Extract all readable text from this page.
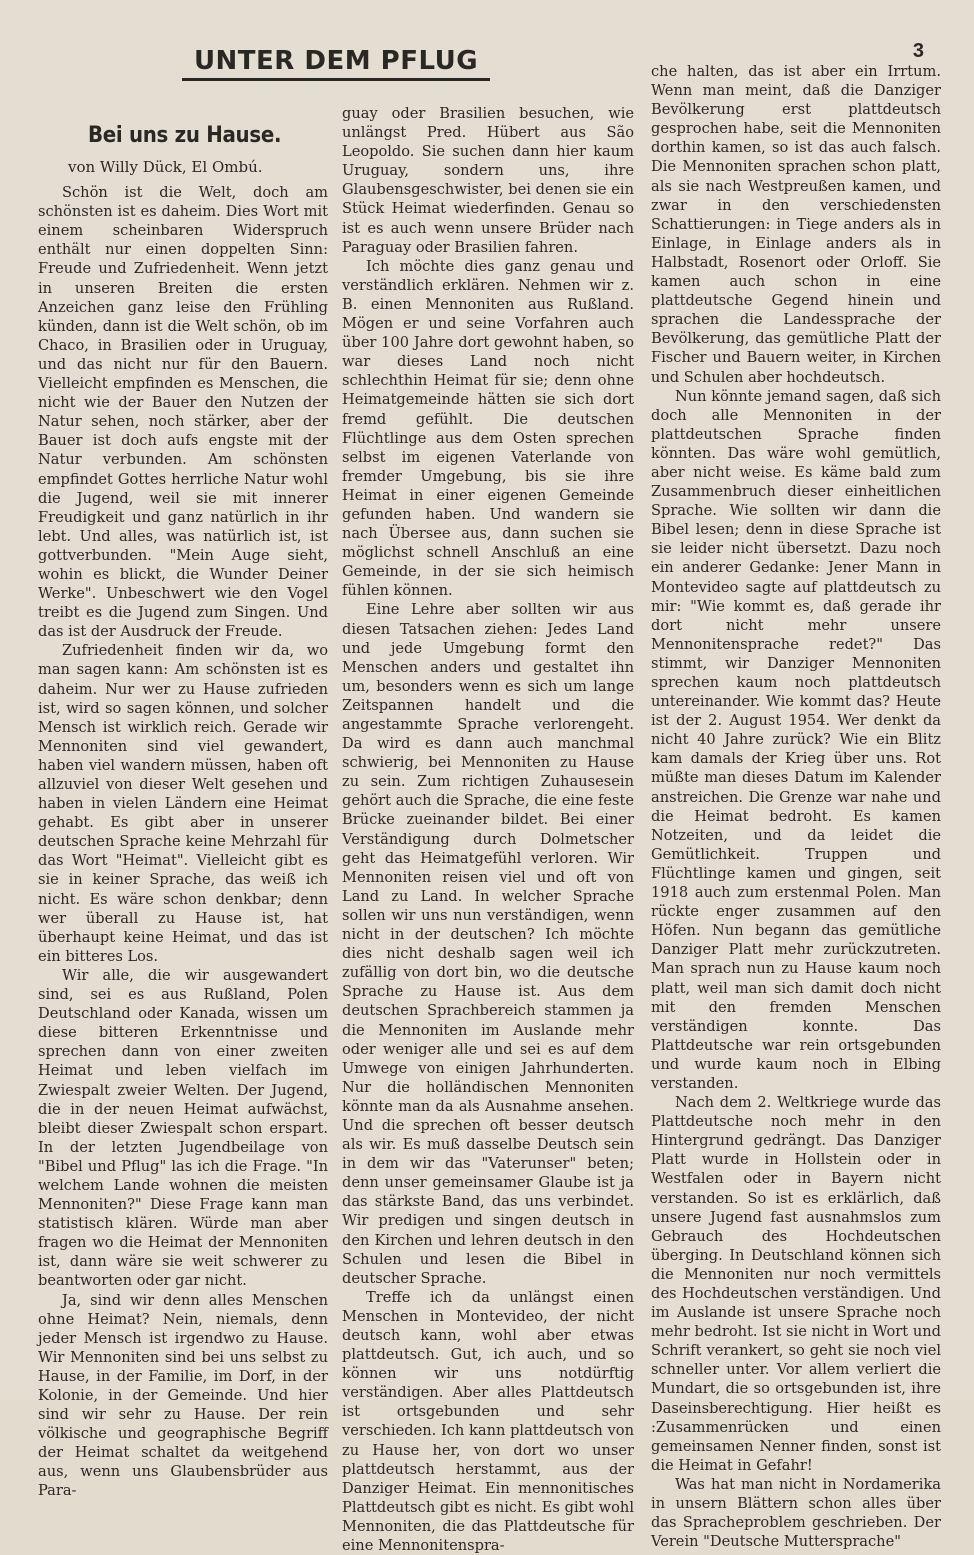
3
UNTER DEM PFLUG
Bei uns zu Hause.
von Willy Dück, El Ombú.

Schön ist die Welt, doch am schönsten ist es daheim. Dies Wort mit einem scheinbaren Widerspruch enthält nur einen doppelten Sinn: Freude und Zufriedenheit. Wenn jetzt in unseren Breiten die ersten Anzeichen ganz leise den Frühling künden, dann ist die Welt schön, ob im Chaco, in Brasilien oder in Uruguay, und das nicht nur für den Bauern. Vielleicht empfinden es Menschen, die nicht wie der Bauer den Nutzen der Natur sehen, noch stärker, aber der Bauer ist doch aufs engste mit der Natur verbunden. Am schönsten empfindet Gottes herrliche Natur wohl die Jugend, weil sie mit innerer Freudigkeit und ganz natürlich in ihr lebt. Und alles, was natürlich ist, ist gottverbunden. "Mein Auge sieht, wohin es blickt, die Wunder Deiner Werke". Unbeschwert wie den Vogel treibt es die Jugend zum Singen. Und das ist der Ausdruck der Freude.

Zufriedenheit finden wir da, wo man sagen kann: Am schönsten ist es daheim. Nur wer zu Hause zufrieden ist, wird so sagen können, und solcher Mensch ist wirklich reich. Gerade wir Mennoniten sind viel gewandert, haben viel wandern müssen, haben oft allzuviel von dieser Welt gesehen und haben in vielen Ländern eine Heimat gehabt. Es gibt aber in unserer deutschen Sprache keine Mehrzahl für das Wort "Heimat". Vielleicht gibt es sie in keiner Sprache, das weiß ich nicht. Es wäre schon denkbar; denn wer überall zu Hause ist, hat überhaupt keine Heimat, und das ist ein bitteres Los.

Wir alle, die wir ausgewandert sind, sei es aus Rußland, Polen Deutschland oder Kanada, wissen um diese bitteren Erkenntnisse und sprechen dann von einer zweiten Heimat und leben vielfach im Zwiespalt zweier Welten. Der Jugend, die in der neuen Heimat aufwächst, bleibt dieser Zwiespalt schon erspart. In der letzten Jugendbeilage von "Bibel und Pflug" las ich die Frage. "In welchem Lande wohnen die meisten Mennoniten?" Diese Frage kann man statistisch klären. Würde man aber fragen wo die Heimat der Mennoniten ist, dann wäre sie weit schwerer zu beantworten oder gar nicht.

Ja, sind wir denn alles Menschen ohne Heimat? Nein, niemals, denn jeder Mensch ist irgendwo zu Hause. Wir Mennoniten sind bei uns selbst zu Hause, in der Familie, im Dorf, in der Kolonie, in der Gemeinde. Und hier sind wir sehr zu Hause. Der rein völkische und geographische Begriff der Heimat schaltet da weitgehend aus, wenn uns Glaubensbrüder aus Para-

guay oder Brasilien besuchen, wie unlängst Pred. Hübert aus São Leopoldo. Sie suchen dann hier kaum Uruguay, sondern uns, ihre Glaubensgeschwister, bei denen sie ein Stück Heimat wiederfinden. Genau so ist es auch wenn unsere Brüder nach Paraguay oder Brasilien fahren.

Ich möchte dies ganz genau und verständlich erklären. Nehmen wir z. B. einen Mennoniten aus Rußland. Mögen er und seine Vorfahren auch über 100 Jahre dort gewohnt haben, so war dieses Land noch nicht schlechthin Heimat für sie; denn ohne Heimatgemeinde hätten sie sich dort fremd gefühlt. Die deutschen Flüchtlinge aus dem Osten sprechen selbst im eigenen Vaterlande von fremder Umgebung, bis sie ihre Heimat in einer eigenen Gemeinde gefunden haben. Und wandern sie nach Übersee aus, dann suchen sie möglichst schnell Anschluß an eine Gemeinde, in der sie sich heimisch fühlen können.

Eine Lehre aber sollten wir aus diesen Tatsachen ziehen: Jedes Land und jede Umgebung formt den Menschen anders und gestaltet ihn um, besonders wenn es sich um lange Zeitspannen handelt und die angestammte Sprache verlorengeht. Da wird es dann auch manchmal schwierig, bei Mennoniten zu Hause zu sein. Zum richtigen Zuhausesein gehört auch die Sprache, die eine feste Brücke zueinander bildet. Bei einer Verständigung durch Dolmetscher geht das Heimatgefühl verloren. Wir Mennoniten reisen viel und oft von Land zu Land. In welcher Sprache sollen wir uns nun verständigen, wenn nicht in der deutschen? Ich möchte dies nicht deshalb sagen weil ich zufällig von dort bin, wo die deutsche Sprache zu Hause ist. Aus dem deutschen Sprachbereich stammen ja die Mennoniten im Auslande mehr oder weniger alle und sei es auf dem Umwege von einigen Jahrhunderten. Nur die holländischen Mennoniten könnte man da als Ausnahme ansehen. Und die sprechen oft besser deutsch als wir. Es muß dasselbe Deutsch sein in dem wir das "Vaterunser" beten; denn unser gemeinsamer Glaube ist ja das stärkste Band, das uns verbindet. Wir predigen und singen deutsch in den Kirchen und lehren deutsch in den Schulen und lesen die Bibel in deutscher Sprache.

Treffe ich da unlängst einen Menschen in Montevideo, der nicht deutsch kann, wohl aber etwas plattdeutsch. Gut, ich auch, und so können wir uns notdürftig verständigen. Aber alles Plattdeutsch ist ortsgebunden und sehr verschieden. Ich kann plattdeutsch von zu Hause her, von dort wo unser plattdeutsch herstammt, aus der Danziger Heimat. Ein mennonitisches Plattdeutsch gibt es nicht. Es gibt wohl Mennoniten, die das Plattdeutsche für eine Mennonitenspra-

che halten, das ist aber ein Irrtum. Wenn man meint, daß die Danziger Bevölkerung erst plattdeutsch gesprochen habe, seit die Mennoniten dorthin kamen, so ist das auch falsch. Die Mennoniten sprachen schon platt, als sie nach Westpreußen kamen, und zwar in den verschiedensten Schattierungen: in Tiege anders als in Einlage, in Einlage anders als in Halbstadt, Rosenort oder Orloff. Sie kamen auch schon in eine plattdeutsche Gegend hinein und sprachen die Landessprache der Bevölkerung, das gemütliche Platt der Fischer und Bauern weiter, in Kirchen und Schulen aber hochdeutsch.

Nun könnte jemand sagen, daß sich doch alle Mennoniten in der plattdeutschen Sprache finden könnten. Das wäre wohl gemütlich, aber nicht weise. Es käme bald zum Zusammenbruch dieser einheitlichen Sprache. Wie sollten wir dann die Bibel lesen; denn in diese Sprache ist sie leider nicht übersetzt. Dazu noch ein anderer Gedanke: Jener Mann in Montevideo sagte auf plattdeutsch zu mir: "Wie kommt es, daß gerade ihr dort nicht mehr unsere Mennonitensprache redet?" Das stimmt, wir Danziger Mennoniten sprechen kaum noch plattdeutsch untereinander. Wie kommt das? Heute ist der 2. August 1954. Wer denkt da nicht 40 Jahre zurück? Wie ein Blitz kam damals der Krieg über uns. Rot müßte man dieses Datum im Kalender anstreichen. Die Grenze war nahe und die Heimat bedroht. Es kamen Notzeiten, und da leidet die Gemütlichkeit. Truppen und Flüchtlinge kamen und gingen, seit 1918 auch zum erstenmal Polen. Man rückte enger zusammen auf den Höfen. Nun begann das gemütliche Danziger Platt mehr zurückzutreten. Man sprach nun zu Hause kaum noch platt, weil man sich damit doch nicht mit den fremden Menschen verständigen konnte. Das Plattdeutsche war rein ortsgebunden und wurde kaum noch in Elbing verstanden.

Nach dem 2. Weltkriege wurde das Plattdeutsche noch mehr in den Hintergrund gedrängt. Das Danziger Platt wurde in Hollstein oder in Westfalen oder in Bayern nicht verstanden. So ist es erklärlich, daß unsere Jugend fast ausnahmslos zum Gebrauch des Hochdeutschen überging. In Deutschland können sich die Mennoniten nur noch vermittels des Hochdeutschen verständigen. Und im Auslande ist unsere Sprache noch mehr bedroht. Ist sie nicht in Wort und Schrift verankert, so geht sie noch viel schneller unter. Vor allem verliert die Mundart, die so ortsgebunden ist, ihre Daseinsberechtigung. Hier heißt es :Zusammenrücken und einen gemeinsamen Nenner finden, sonst ist die Heimat in Gefahr!

Was hat man nicht in Nordamerika in unsern Blättern schon alles über das Spracheproblem geschrieben. Der Verein "Deutsche Muttersprache"
